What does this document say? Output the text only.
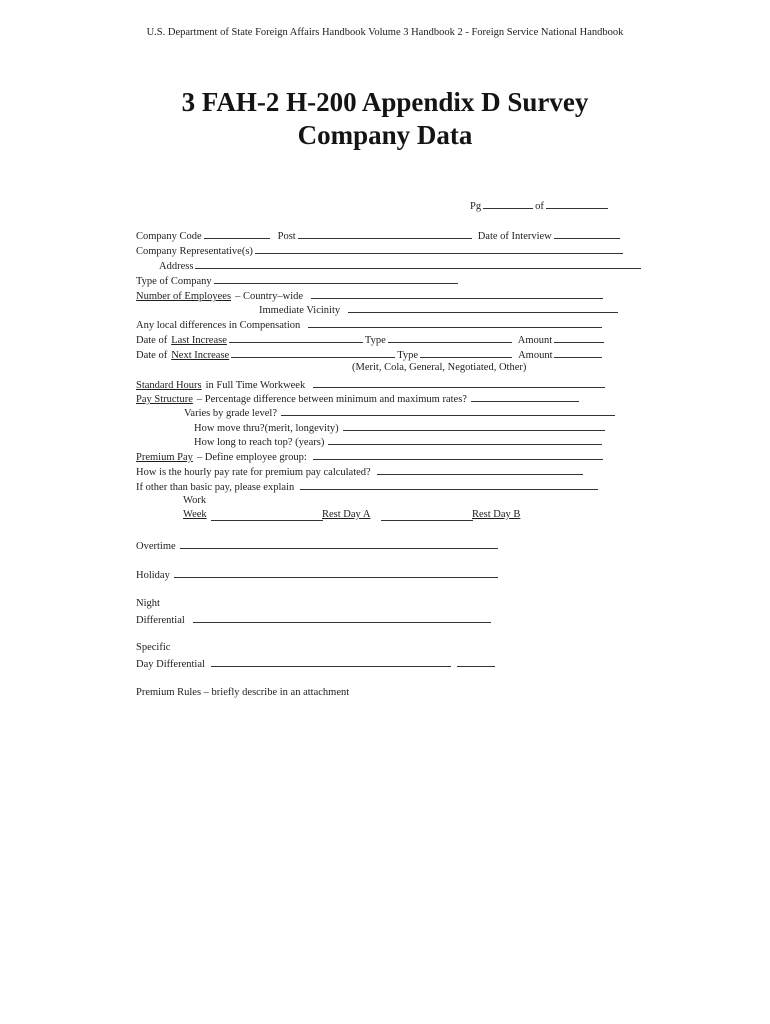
U.S. Department of State Foreign Affairs Handbook Volume 3 Handbook 2 - Foreign Service National Handbook
3 FAH-2 H-200 Appendix D Survey
Company Data
Pg	of
Company Code	Post	Date of Interview
Company Representative(s)
Address
Type of Company
Number of Employees – Country–wide
Immediate Vicinity
Any local differences in Compensation
Date of Last Increase	Type	Amount
Date of Next Increase	Type	Amount
(Merit, Cola, General, Negotiated, Other)
Standard Hours in Full Time Workweek
Pay Structure – Percentage difference between minimum and maximum rates?
Varies by grade level?
How move thru?(merit, longevity)
How long to reach top? (years)
Premium Pay – Define employee group:
How is the hourly pay rate for premium pay calculated?
If other than basic pay, please explain
Work
Week	Rest Day A	Rest Day B
Overtime
Holiday
Night
Differential
Specific
Day Differential
Premium Rules – briefly describe in an attachment
